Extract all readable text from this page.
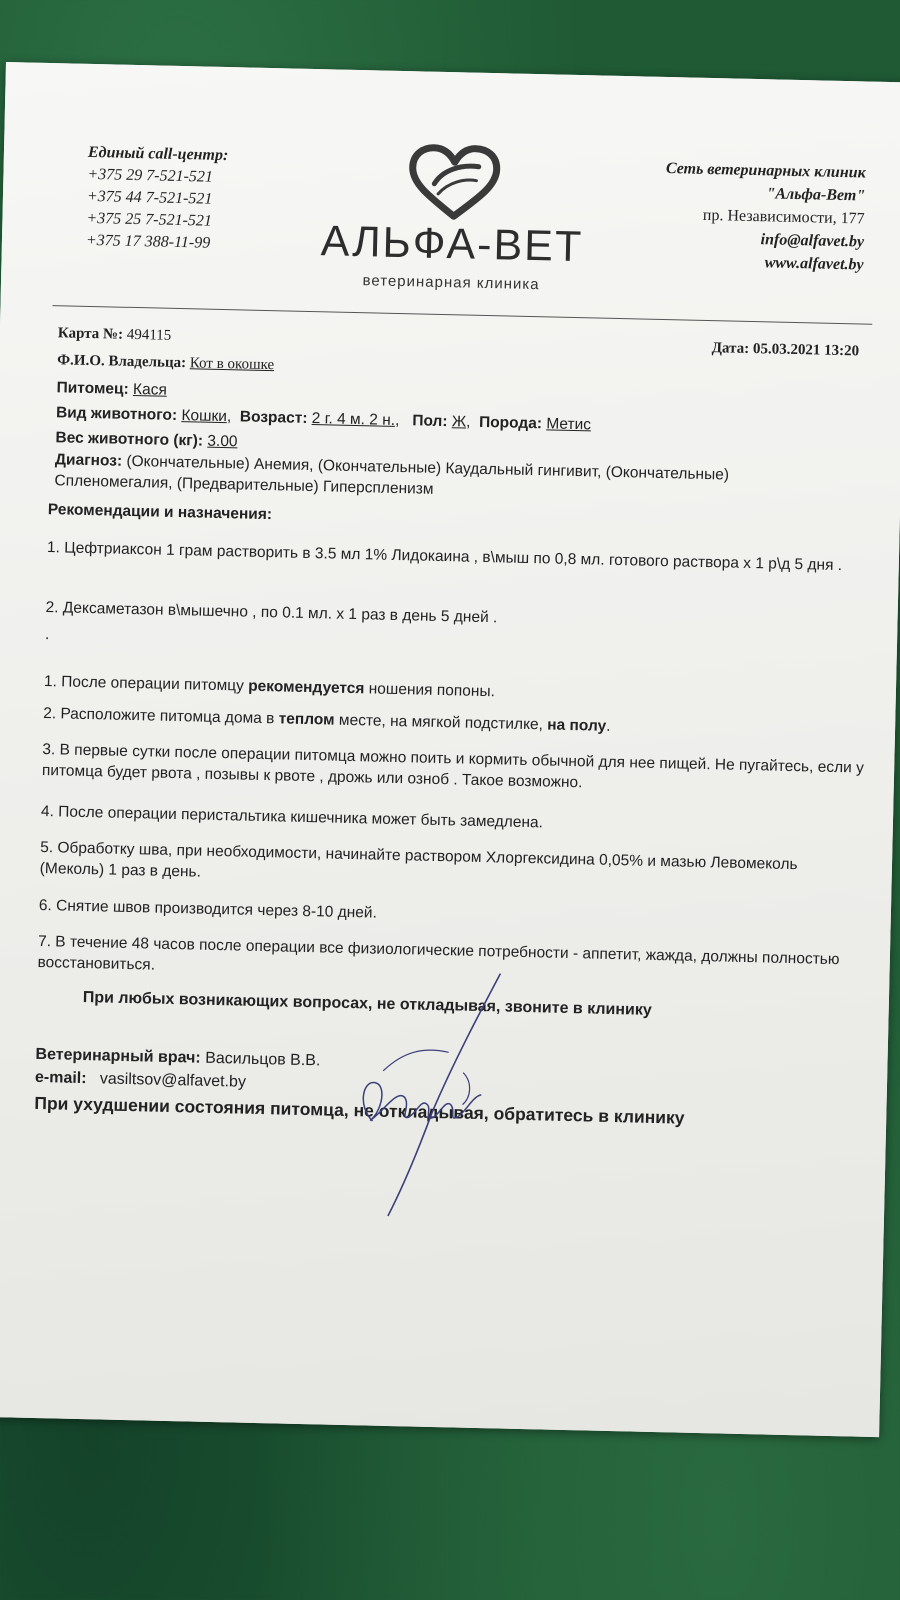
Единый call-центр:
+375 29 7-521-521
+375 44 7-521-521
+375 25 7-521-521
+375 17 388-11-99	АЛЬФА-ВЕТ
ветеринарная клиника
Сеть ветеринарных клиник
"Альфа-Вет"
пр. Независимости, 177
info@alfavet.by
www.alfavet.by
Карта №: 494115
Дата: 05.03.2021 13:20
Ф.И.О. Владельца: Кот в окошке
Питомец: Кася
Вид животного: Кошки,  Возраст: 2 г. 4 м. 2 н.,   Пол: Ж,  Порода: Метис
Вес животного (кг): 3.00
Диагноз: (Окончательные) Анемия, (Окончательные) Каудальный гингивит, (Окончательные) Спленомегалия, (Предварительные) Гиперспленизм
Рекомендации и назначения:
1. Цефтриаксон 1 грам растворить в 3.5 мл 1% Лидокаина , в\мыш по 0,8 мл. готового раствора х 1 р\д 5 дня .
2. Дексаметазон в\мышечно , по 0.1 мл. х 1 раз в день 5 дней .
.
1. После операции питомцу рекомендуется ношения попоны.
2. Расположите питомца дома в теплом месте, на мягкой подстилке, на полу.
3. В первые сутки после операции питомца можно поить и кормить обычной для нее пищей. Не пугайтесь, если у питомца будет рвота , позывы к рвоте , дрожь или озноб . Такое возможно.
4. После операции перистальтика кишечника может быть замедлена.
5. Обработку шва, при необходимости, начинайте раствором Хлоргексидина 0,05% и мазью Левомеколь (Меколь) 1 раз в день.
6. Снятие швов производится через 8-10 дней.
7. В течение 48 часов после операции все физиологические потребности - аппетит, жажда, должны полностью восстановиться.
При любых возникающих вопросах, не откладывая, звоните в клинику
Ветеринарный врач: Васильцов В.В.
e-mail: vasiltsov@alfavet.by
При ухудшении состояния питомца, не откладывая, обратитесь в клинику
